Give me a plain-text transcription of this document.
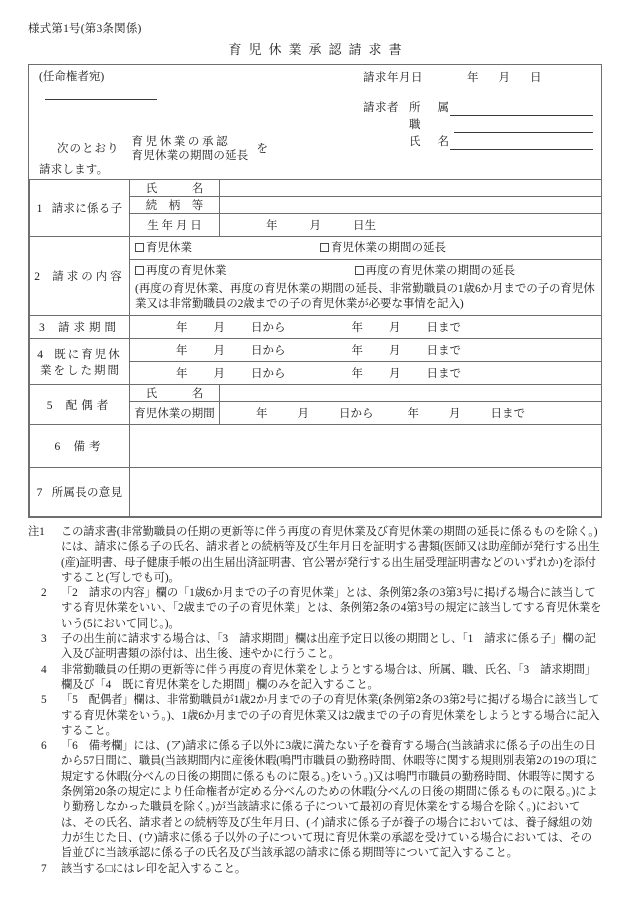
様式第1号(第3条関係)
育児休業承認請求書
(任命権者宛)	請求年月日	年月日
請求者 所　属
職
氏　名
次のとおり
育児休業の承認
育児休業の期間の延長
を
請求します。
1 請求に係る子	氏　　　名	
	続　柄　等	
	生 年 月 日	年 月 日生

2 請求の内容	育児休業 育児休業の期間の延長	

	再度の育児休業 再度の育児休業の期間の延長
(再度の育児休業、再度の育児休業の期間の延長、非常勤職員の1歳6か月までの子の育児休業又は非常勤職員の2歳までの子の育児休業が必要な事情を記入)	

3 請求期間	年 月 日から 年 月 日まで	

4 既に育児休
業をした期間	年 月 日から 年 月 日まで	

	年 月 日から 年 月 日まで	

5 配偶者	氏　　　名	
	育児休業の期間	年 月 日から 年 月 日まで

6 備考		
7 所属長の意見		
注1	この請求書(非常勤職員の任期の更新等に伴う再度の育児休業及び育児休業の期間の延長に係るものを除く。)には、請求に係る子の氏名、請求者との続柄等及び生年月日を証明する書類(医師又は助産師が発行する出生(産)証明書、母子健康手帳の出生届出済証明書、官公署が発行する出生届受理証明書などのいずれか)を添付すること(写しでも可)。
2	「2　請求の内容」欄の「1歳6か月までの子の育児休業」とは、条例第2条の3第3号に掲げる場合に該当してする育児休業をいい、「2歳までの子の育児休業」とは、条例第2条の4第3号の規定に該当してする育児休業をいう(5において同じ。)。
3	子の出生前に請求する場合は、「3　請求期間」欄は出産予定日以後の期間とし、「1　請求に係る子」欄の記入及び証明書類の添付は、出生後、速やかに行うこと。
4	非常勤職員の任期の更新等に伴う再度の育児休業をしようとする場合は、所属、職、氏名、「3　請求期間」欄及び「4　既に育児休業をした期間」欄のみを記入すること。
5	「5　配偶者」欄は、非常勤職員が1歳2か月までの子の育児休業(条例第2条の3第2号に掲げる場合に該当してする育児休業をいう。)、1歳6か月までの子の育児休業又は2歳までの子の育児休業をしようとする場合に記入すること。
6	「6　備考欄」には、(ア)請求に係る子以外に3歳に満たない子を養育する場合(当該請求に係る子の出生の日から57日間に、職員(当該期間内に産後休暇(鳴門市職員の勤務時間、休暇等に関する規則別表第2の19の項に規定する休暇(分べんの日後の期間に係るものに限る。)をいう。)又は鳴門市職員の勤務時間、休暇等に関する条例第20条の規定により任命権者が定める分べんのための休暇(分べんの日後の期間に係るものに限る。)により勤務しなかった職員を除く。)が当該請求に係る子について最初の育児休業をする場合を除く。)においては、その氏名、請求者との続柄等及び生年月日、(イ)請求に係る子が養子の場合においては、養子縁組の効力が生じた日、(ウ)請求に係る子以外の子について現に育児休業の承認を受けている場合においては、その旨並びに当該承認に係る子の氏名及び当該承認の請求に係る期間等について記入すること。
7	該当する□にはレ印を記入すること。
